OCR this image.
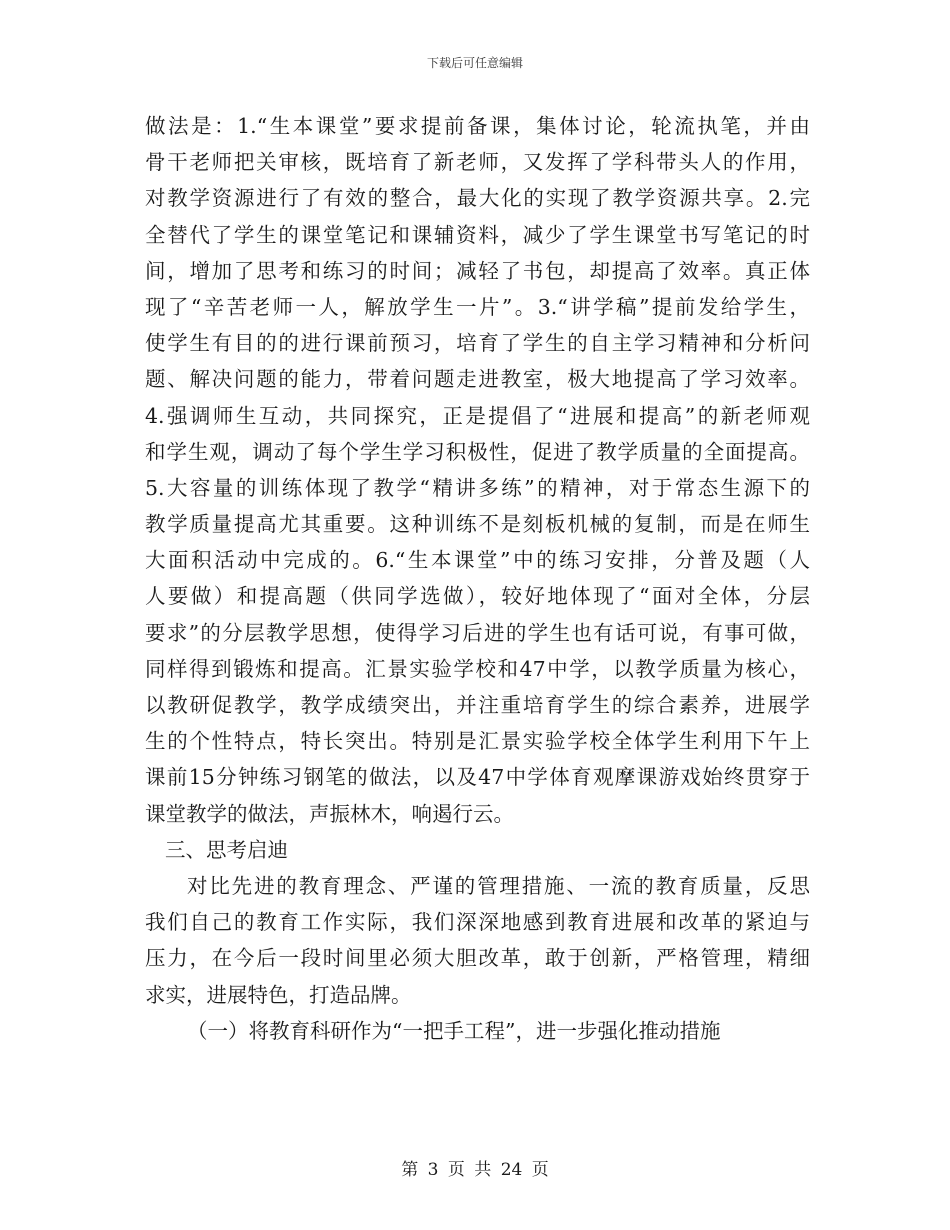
下载后可任意编辑
做法是：1.“生本课堂”要求提前备课，集体讨论，轮流执笔，并由
骨干老师把关审核，既培育了新老师，又发挥了学科带头人的作用，
对教学资源进行了有效的整合，最大化的实现了教学资源共享。2.完
全替代了学生的课堂笔记和课辅资料，减少了学生课堂书写笔记的时
间，增加了思考和练习的时间；减轻了书包，却提高了效率。真正体
现了“辛苦老师一人，解放学生一片”。3.“讲学稿”提前发给学生，
使学生有目的的进行课前预习，培育了学生的自主学习精神和分析问
题、解决问题的能力，带着问题走进教室，极大地提高了学习效率。
4.强调师生互动，共同探究，正是提倡了“进展和提高”的新老师观
和学生观，调动了每个学生学习积极性，促进了教学质量的全面提高。
5.大容量的训练体现了教学“精讲多练”的精神，对于常态生源下的
教学质量提高尤其重要。这种训练不是刻板机械的复制，而是在师生
大面积活动中完成的。6.“生本课堂”中的练习安排，分普及题（人
人要做）和提高题（供同学选做），较好地体现了“面对全体，分层
要求”的分层教学思想，使得学习后进的学生也有话可说，有事可做，
同样得到锻炼和提高。汇景实验学校和47中学，以教学质量为核心，
以教研促教学，教学成绩突出，并注重培育学生的综合素养，进展学
生的个性特点，特长突出。特别是汇景实验学校全体学生利用下午上
课前15分钟练习钢笔的做法，以及47中学体育观摩课游戏始终贯穿于
课堂教学的做法，声振林木，响遏行云。
三、思考启迪
对比先进的教育理念、严谨的管理措施、一流的教育质量，反思
我们自己的教育工作实际，我们深深地感到教育进展和改革的紧迫与
压力，在今后一段时间里必须大胆改革，敢于创新，严格管理，精细
求实，进展特色，打造品牌。
（一）将教育科研作为“一把手工程”，进一步强化推动措施
第 3 页 共 24 页
